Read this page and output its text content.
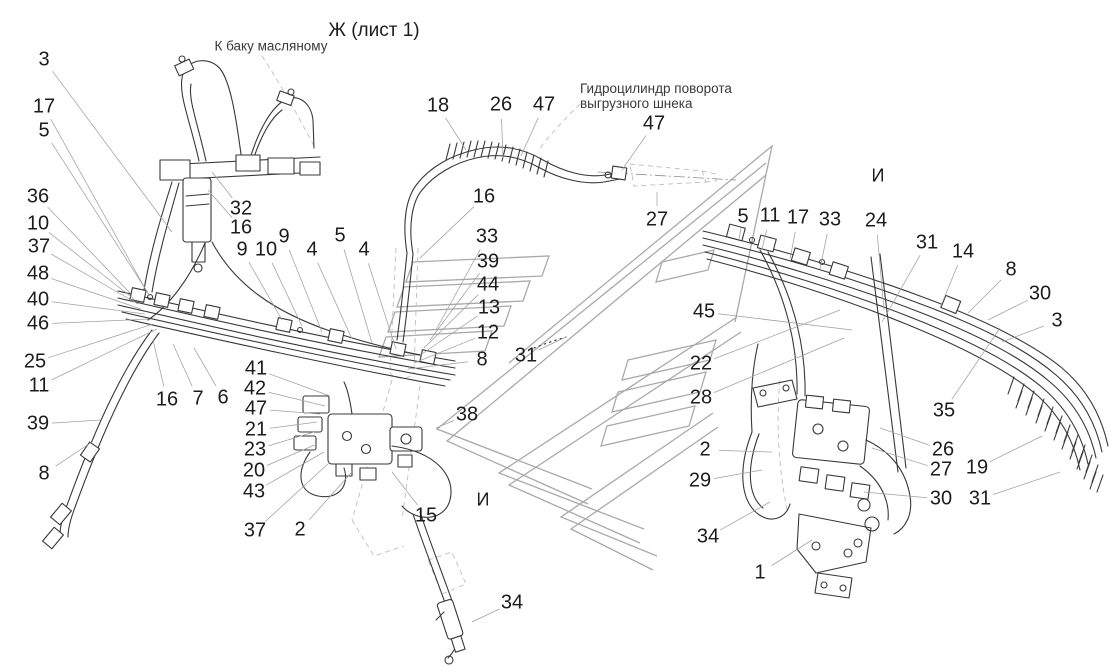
Ж (лист 1)
К баку масляному
Гидроцилиндр поворота
выгрузного шнека
3
17
5
36
10
37
48
40
46
25
11
39
8
32
16
9 10
9
4
5
4
16 7 6
41
42
47
21
23
20
43
37 2
15
18 26 47
47
27
16
33
39
44
13
12
8 31
38
5 11 17 33 24
31 14
8
30
3
45
22
28
2
29
34
1
35
26
27
30
19
31
34
И
И
